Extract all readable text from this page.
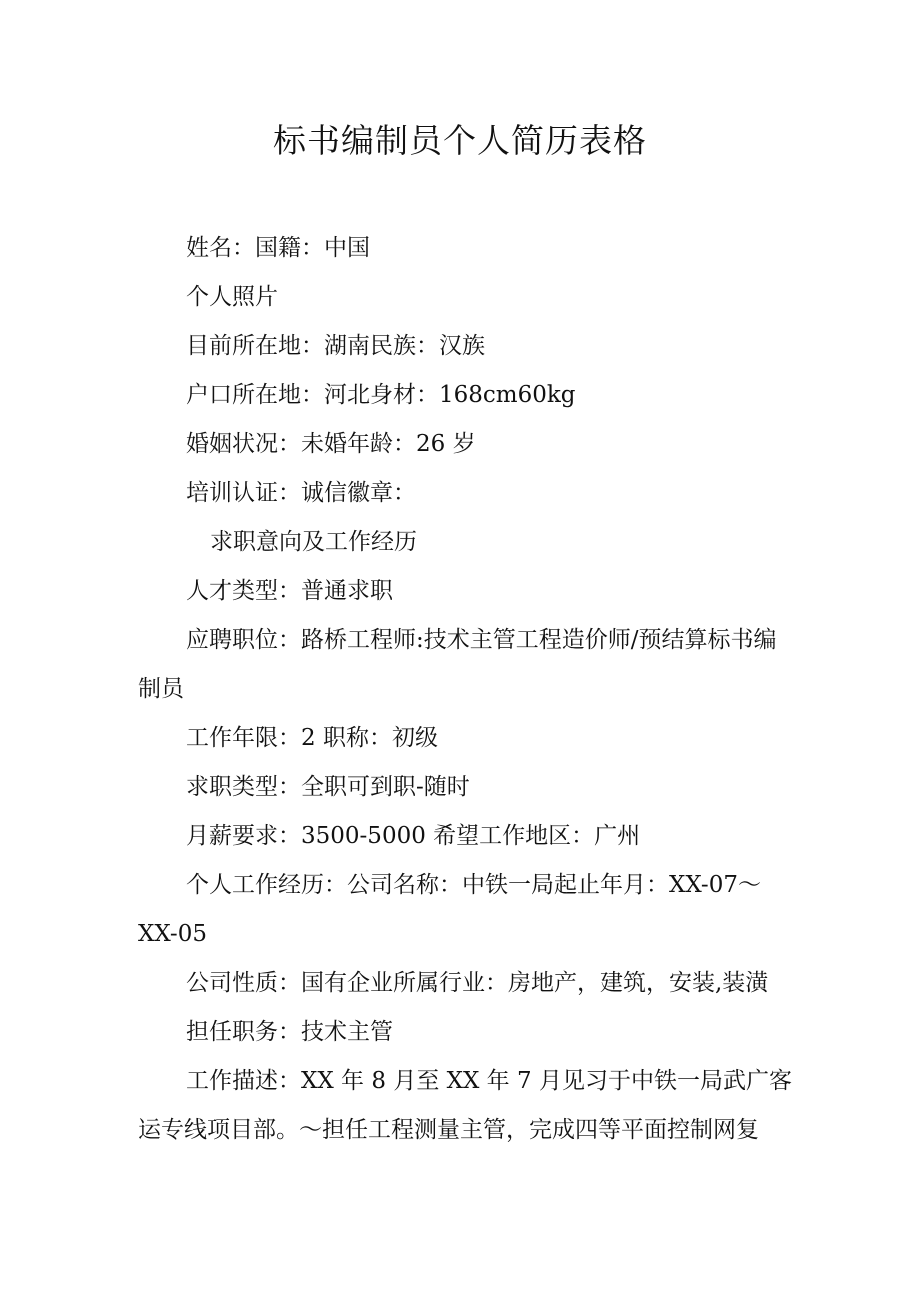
标书编制员个人简历表格
姓名：国籍：中国
个人照片
目前所在地：湖南民族：汉族
户口所在地：河北身材：168cm60kg
婚姻状况：未婚年龄：26 岁
培训认证：诚信徽章：
求职意向及工作经历
人才类型：普通求职
应聘职位：路桥工程师:技术主管工程造价师/预结算标书编
制员
工作年限：2 职称：初级
求职类型：全职可到职-随时
月薪要求：3500-5000 希望工作地区：广州
个人工作经历：公司名称：中铁一局起止年月：XX-07～
XX-05
公司性质：国有企业所属行业：房地产，建筑，安装,装潢
担任职务：技术主管
工作描述：XX 年 8 月至 XX 年 7 月见习于中铁一局武广客
运专线项目部。～担任工程测量主管，完成四等平面控制网复
